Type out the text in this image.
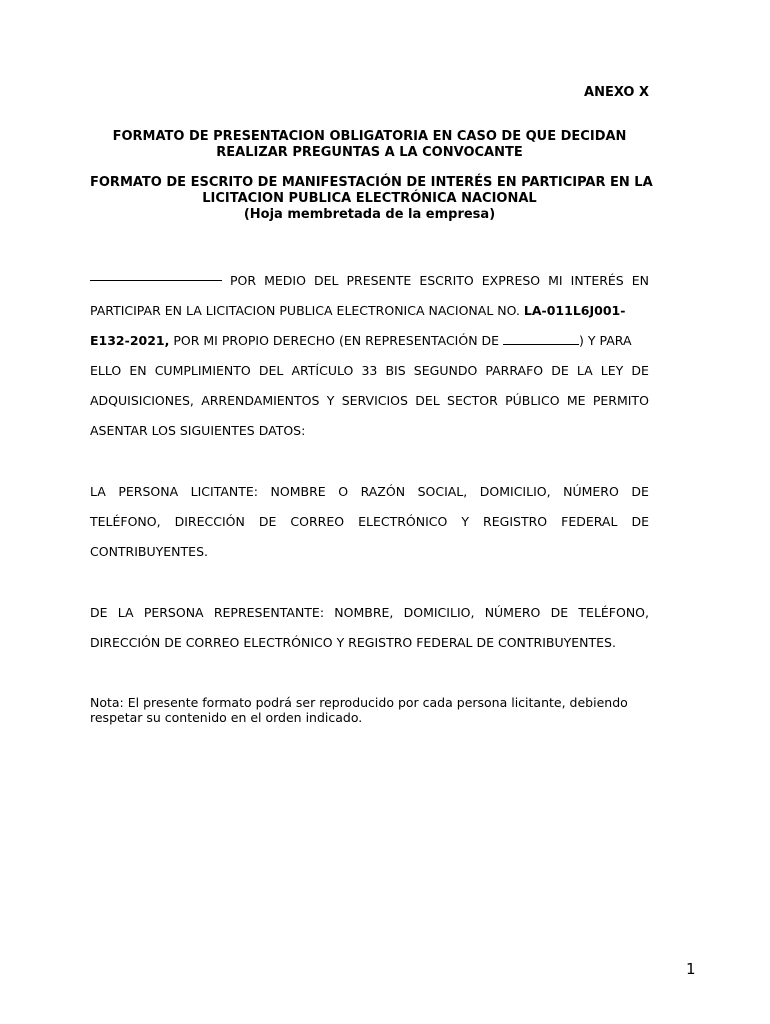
ANEXO X
FORMATO DE PRESENTACION OBLIGATORIA EN CASO DE QUE DECIDAN
REALIZAR PREGUNTAS A LA CONVOCANTE
FORMATO DE ESCRITO DE MANIFESTACIÓN DE INTERÉS EN PARTICIPAR EN LA
LICITACION PUBLICA ELECTRÓNICA NACIONAL
(Hoja membretada de la empresa)
POR MEDIO DEL PRESENTE ESCRITO EXPRESO MI INTERÉS EN
PARTICIPAR EN LA LICITACION PUBLICA ELECTRONICA NACIONAL NO. LA-011L6J001-
E132-2021, POR MI PROPIO DERECHO (EN REPRESENTACIÓN DE	) Y PARA
ELLO EN CUMPLIMIENTO DEL ARTÍCULO 33 BIS SEGUNDO PARRAFO DE LA LEY DE
ADQUISICIONES, ARRENDAMIENTOS Y SERVICIOS DEL SECTOR PÚBLICO ME PERMITO
ASENTAR LOS SIGUIENTES DATOS:
LA PERSONA LICITANTE: NOMBRE O RAZÓN SOCIAL, DOMICILIO, NÚMERO DE
TELÉFONO, DIRECCIÓN DE CORREO ELECTRÓNICO Y REGISTRO FEDERAL DE
CONTRIBUYENTES.
DE LA PERSONA REPRESENTANTE: NOMBRE, DOMICILIO, NÚMERO DE TELÉFONO,
DIRECCIÓN DE CORREO ELECTRÓNICO Y REGISTRO FEDERAL DE CONTRIBUYENTES.
Nota: El presente formato podrá ser reproducido por cada persona licitante, debiendo
respetar su contenido en el orden indicado.
1
